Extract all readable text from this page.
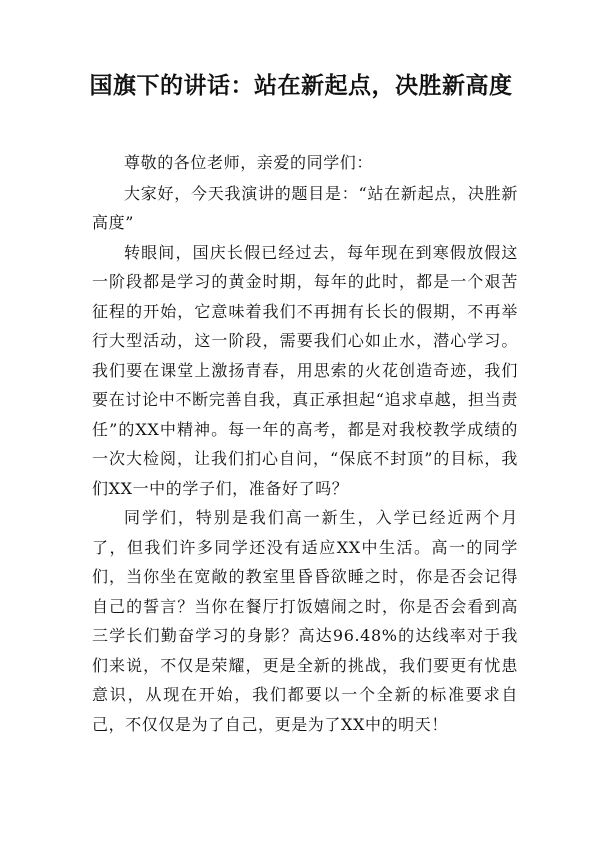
国旗下的讲话：站在新起点，决胜新高度

尊敬的各位老师，亲爱的同学们：

大家好，今天我演讲的题目是：“站在新起点，决胜新高度”

转眼间，国庆长假已经过去，每年现在到寒假放假这一阶段都是学习的黄金时期，每年的此时，都是一个艰苦征程的开始，它意味着我们不再拥有长长的假期，不再举行大型活动，这一阶段，需要我们心如止水，潜心学习。我们要在课堂上激扬青春，用思索的火花创造奇迹，我们要在讨论中不断完善自我，真正承担起“追求卓越，担当责任”的XX中精神。每一年的高考，都是对我校教学成绩的一次大检阅，让我们扪心自问，“保底不封顶”的目标，我们XX一中的学子们，准备好了吗？

同学们，特别是我们高一新生，入学已经近两个月了，但我们许多同学还没有适应XX中生活。高一的同学们，当你坐在宽敞的教室里昏昏欲睡之时，你是否会记得自己的誓言？当你在餐厅打饭嬉闹之时，你是否会看到高三学长们勤奋学习的身影？高达96.48%的达线率对于我们来说，不仅是荣耀，更是全新的挑战，我们要更有忧患意识，从现在开始，我们都要以一个全新的标准要求自己，不仅仅是为了自己，更是为了XX中的明天！
